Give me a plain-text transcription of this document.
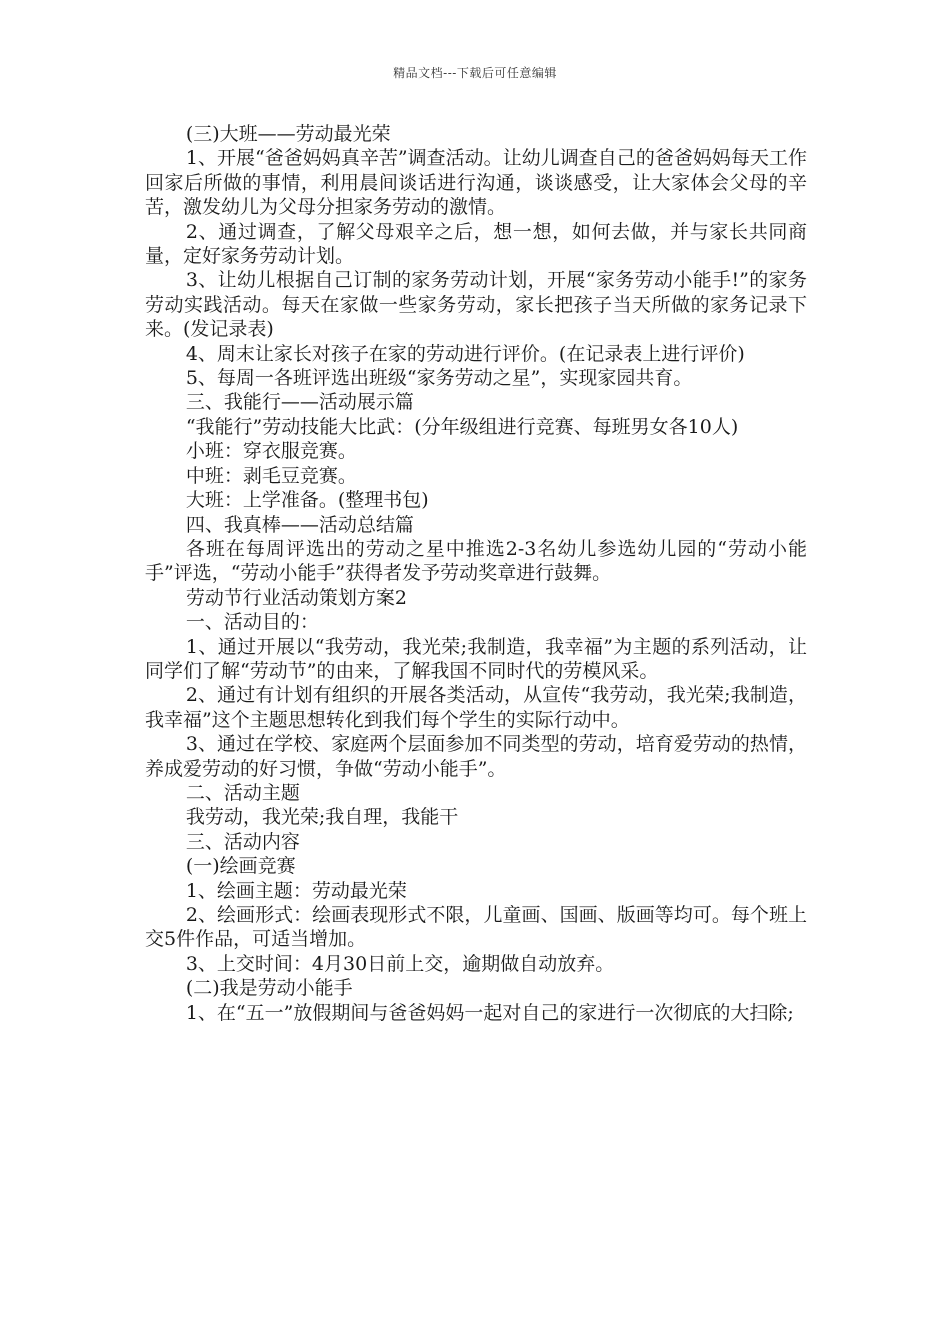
精品文档---下载后可任意编辑

(三)大班——劳动最光荣

1、开展“爸爸妈妈真辛苦”调查活动。让幼儿调查自己的爸爸妈妈每天工作回家后所做的事情，利用晨间谈话进行沟通，谈谈感受，让大家体会父母的辛苦，激发幼儿为父母分担家务劳动的激情。

2、通过调查，了解父母艰辛之后，想一想，如何去做，并与家长共同商量，定好家务劳动计划。

3、让幼儿根据自己订制的家务劳动计划，开展“家务劳动小能手!”的家务劳动实践活动。每天在家做一些家务劳动，家长把孩子当天所做的家务记录下来。(发记录表)

4、周末让家长对孩子在家的劳动进行评价。(在记录表上进行评价)

5、每周一各班评选出班级“家务劳动之星”，实现家园共育。

三、我能行——活动展示篇

“我能行”劳动技能大比武：(分年级组进行竞赛、每班男女各10人)

小班：穿衣服竞赛。

中班：剥毛豆竞赛。

大班：上学准备。(整理书包)

四、我真棒——活动总结篇

各班在每周评选出的劳动之星中推选2-3名幼儿参选幼儿园的“劳动小能手”评选，“劳动小能手”获得者发予劳动奖章进行鼓舞。

劳动节行业活动策划方案2

一、活动目的：

1、通过开展以“我劳动，我光荣;我制造，我幸福”为主题的系列活动，让同学们了解“劳动节”的由来，了解我国不同时代的劳模风采。

2、通过有计划有组织的开展各类活动，从宣传“我劳动，我光荣;我制造，我幸福”这个主题思想转化到我们每个学生的实际行动中。

3、通过在学校、家庭两个层面参加不同类型的劳动，培育爱劳动的热情，养成爱劳动的好习惯，争做“劳动小能手”。

二、活动主题

我劳动，我光荣;我自理，我能干

三、活动内容

(一)绘画竞赛

1、绘画主题：劳动最光荣

2、绘画形式：绘画表现形式不限，儿童画、国画、版画等均可。每个班上交5件作品，可适当增加。

3、上交时间：4月30日前上交，逾期做自动放弃。

(二)我是劳动小能手

1、在“五一”放假期间与爸爸妈妈一起对自己的家进行一次彻底的大扫除;
